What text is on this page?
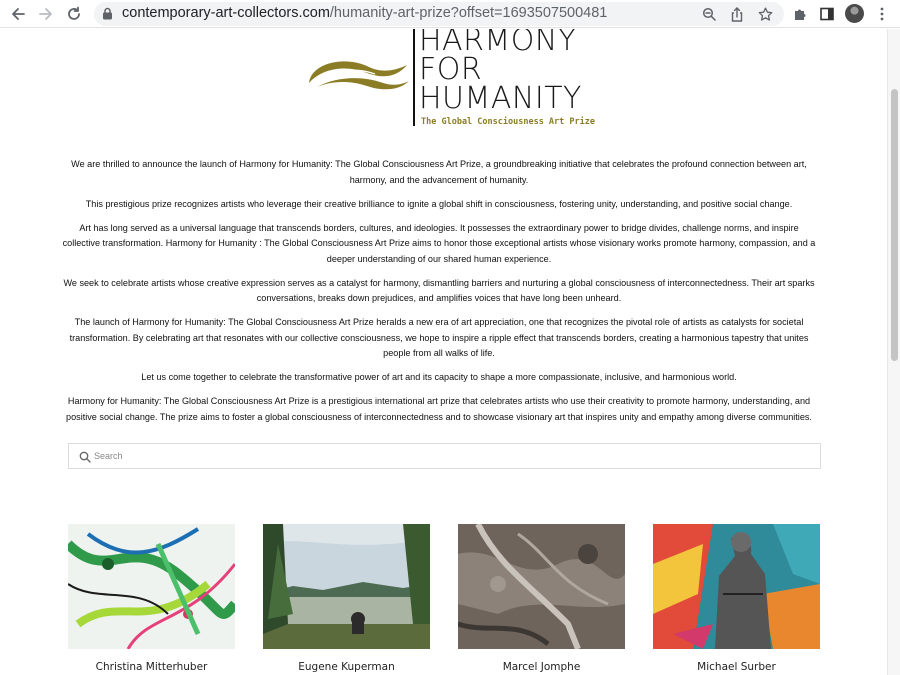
contemporary-art-collectors.com/humanity-art-prize?offset=1693507500481
HARMONY
FOR
HUMANITY
The Global Consciousness Art Prize

We are thrilled to announce the launch of Harmony for Humanity: The Global Consciousness Art Prize, a groundbreaking initiative that celebrates the profound connection between art, harmony, and the advancement of humanity.

This prestigious prize recognizes artists who leverage their creative brilliance to ignite a global shift in consciousness, fostering unity, understanding, and positive social change.

Art has long served as a universal language that transcends borders, cultures, and ideologies. It possesses the extraordinary power to bridge divides, challenge norms, and inspire collective transformation. Harmony for Humanity : The Global Consciousness Art Prize aims to honor those exceptional artists whose visionary works promote harmony, compassion, and a deeper understanding of our shared human experience.

We seek to celebrate artists whose creative expression serves as a catalyst for harmony, dismantling barriers and nurturing a global consciousness of interconnectedness. Their art sparks conversations, breaks down prejudices, and amplifies voices that have long been unheard.

The launch of Harmony for Humanity: The Global Consciousness Art Prize heralds a new era of art appreciation, one that recognizes the pivotal role of artists as catalysts for societal transformation. By celebrating art that resonates with our collective consciousness, we hope to inspire a ripple effect that transcends borders, creating a harmonious tapestry that unites people from all walks of life.

Let us come together to celebrate the transformative power of art and its capacity to shape a more compassionate, inclusive, and harmonious world.

Harmony for Humanity: The Global Consciousness Art Prize is a prestigious international art prize that celebrates artists who use their creativity to promote harmony, understanding, and positive social change. The prize aims to foster a global consciousness of interconnectedness and to showcase visionary art that inspires unity and empathy among diverse communities.

Search
Christina Mitterhuber	Eugene Kuperman	Marcel Jomphe	Michael Surber
